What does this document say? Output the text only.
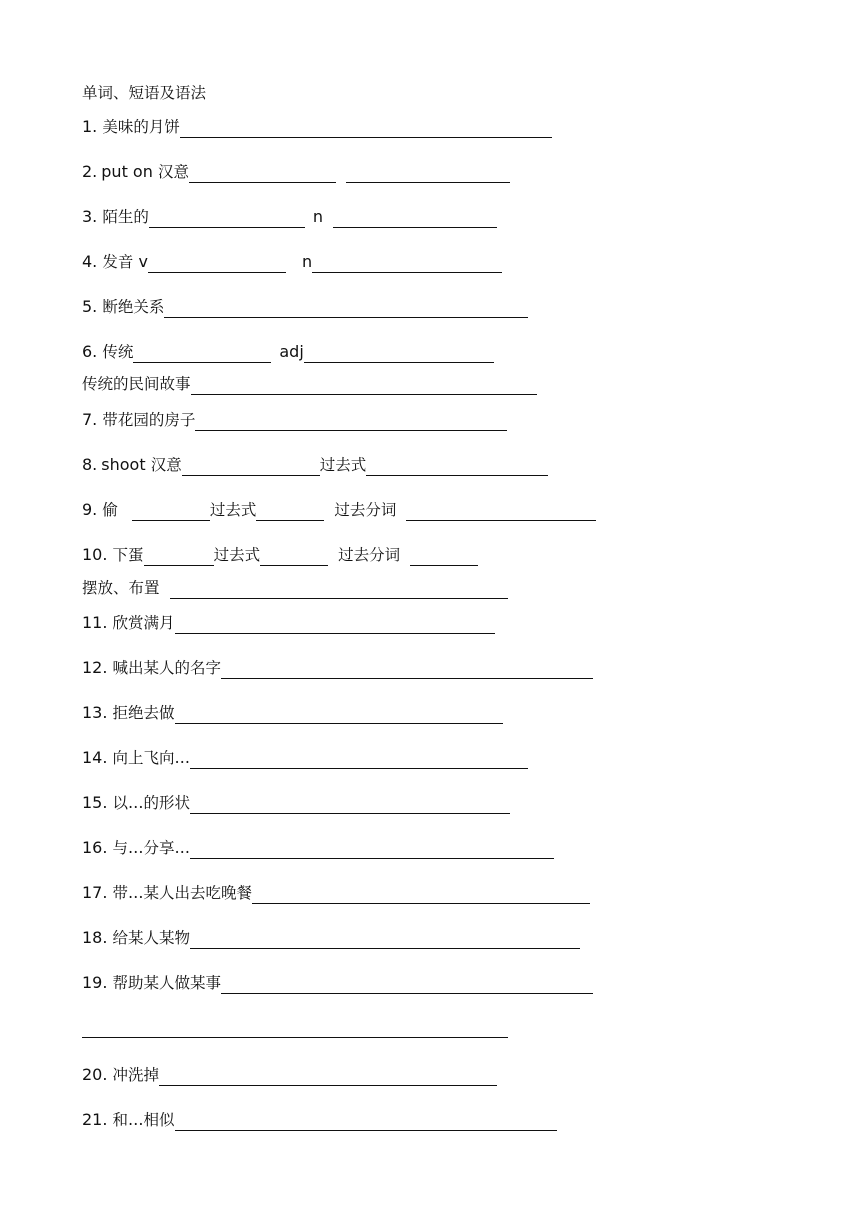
单词、短语及语法
1. 美味的月饼
2. put on 汉意
3. 陌生的	n
4. 发音 v	n
5. 断绝关系
6. 传统	adj
传统的民间故事
7. 带花园的房子
8. shoot 汉意	过去式
9. 偷	过去式	过去分词
10. 下蛋	过去式	过去分词
摆放、布置
11. 欣赏满月
12. 喊出某人的名字
13. 拒绝去做
14. 向上飞向…
15. 以…的形状
16. 与…分享…
17. 带…某人出去吃晚餐
18. 给某人某物
19. 帮助某人做某事
20. 冲洗掉
21. 和…相似
